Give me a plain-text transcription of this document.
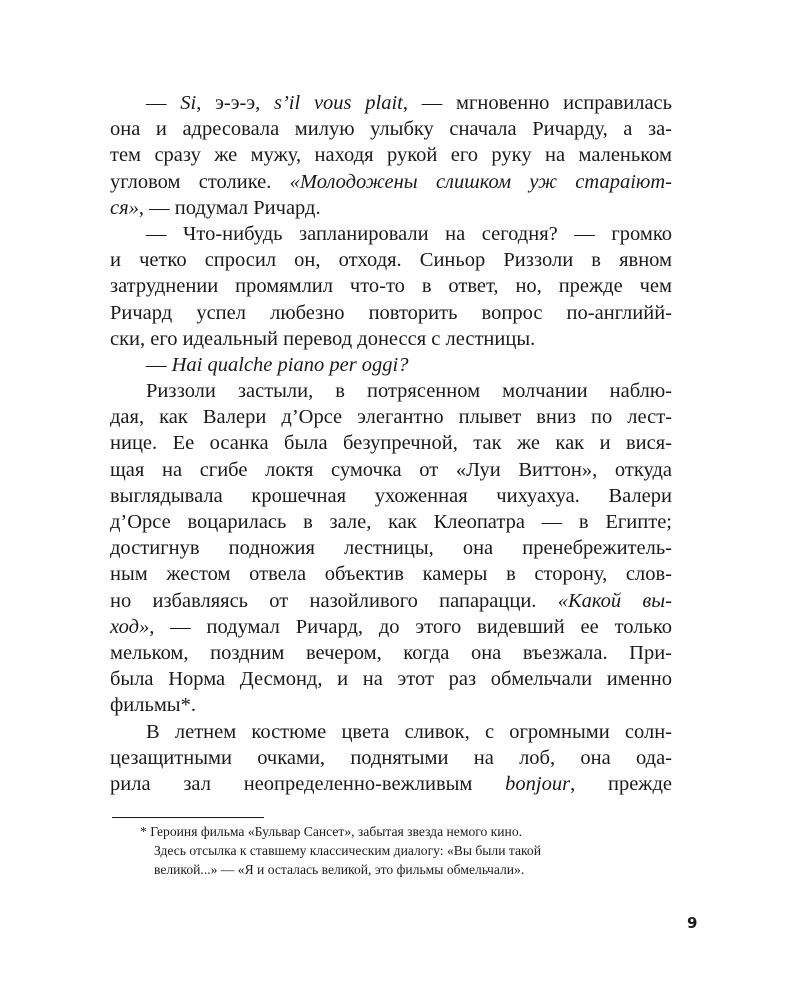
— Si, э-э-э, s’il vous plait, — мгновенно исправилась
она и адресовала милую улыбку сначала Ричарду, а за-
тем сразу же мужу, находя рукой его руку на маленьком
угловом столике. «Молодожены слишком уж стараіют-
ся», — подумал Ричард.
— Что-нибудь запланировали на сегодня? — громко
и четко спросил он, отходя. Синьор Риззоли в явном
затруднении промямлил что-то в ответ, но, прежде чем
Ричард успел любезно повторить вопрос по-английй-
ски, его идеальный перевод донесся с лестницы.
— Hai qualche piano per oggi?
Риззоли застыли, в потрясенном молчании наблю-
дая, как Валери д’Орсе элегантно плывет вниз по лест-
нице. Ее осанка была безупречной, так же как и вися-
щая на сгибе локтя сумочка от «Луи Виттон», откуда
выглядывала крошечная ухоженная чихуахуа. Валери
д’Орсе воцарилась в зале, как Клеопатра — в Египте;
достигнув подножия лестницы, она пренебрежитель-
ным жестом отвела объектив камеры в сторону, слов-
но избавляясь от назойливого папарацци. «Какой вы-
ход», — подумал Ричард, до этого видевший ее только
мельком, поздним вечером, когда она въезжала. При-
была Норма Десмонд, и на этот раз обмельчали именно
фильмы*.
В летнем костюме цвета сливок, с огромными солн-
цезащитными очками, поднятыми на лоб, она ода-
рила зал неопределенно-вежливым bonjour, прежде
* Героиня фильма «Бульвар Сансет», забытая звезда немого кино.
Здесь отсылка к ставшему классическим диалогу: «Вы были такой
великой...» — «Я и осталась великой, это фильмы обмельчали».
9
